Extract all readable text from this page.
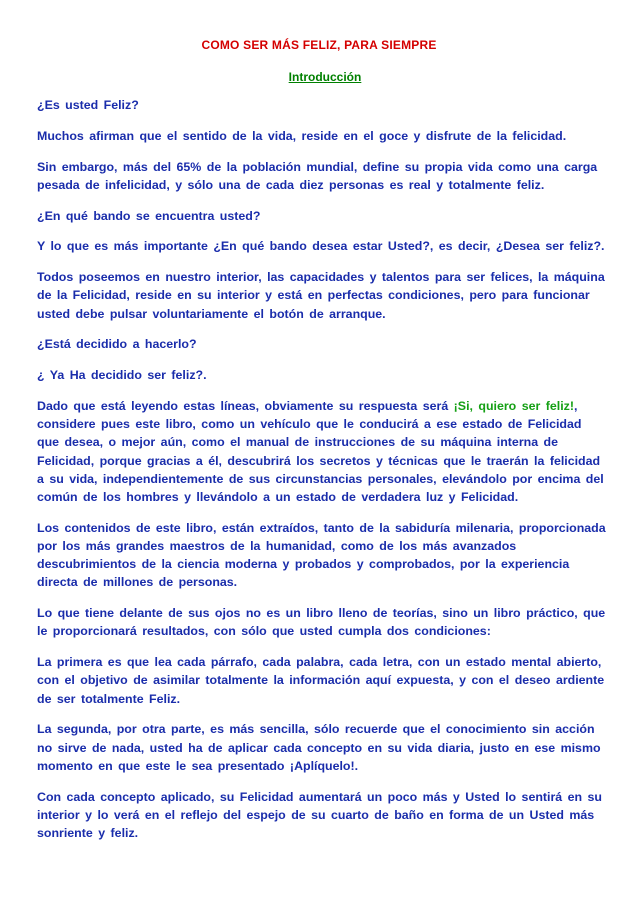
COMO SER MÁS FELIZ, PARA SIEMPRE
Introducción

¿Es usted Feliz?

Muchos afirman que el sentido de la vida, reside en el goce y disfrute de la felicidad.

Sin embargo, más del 65% de la población mundial, define su propia vida como una carga pesada de infelicidad, y sólo una de cada diez personas es real y totalmente feliz.

¿En qué bando se encuentra usted?

Y lo que es más importante ¿En qué bando desea estar Usted?, es decir, ¿Desea ser feliz?.

Todos poseemos en nuestro interior, las capacidades y talentos para ser felices, la máquina de la Felicidad, reside en su interior y está en perfectas condiciones, pero para funcionar usted debe pulsar voluntariamente el botón de arranque.

¿Está decidido a hacerlo?

¿ Ya Ha decidido ser feliz?.

Dado que está leyendo estas líneas, obviamente su respuesta será ¡Si, quiero ser feliz!, considere pues este libro, como un vehículo que le conducirá a ese estado de Felicidad que desea, o mejor aún, como el manual de instrucciones de su máquina interna de Felicidad, porque gracias a él, descubrirá los secretos y técnicas que le traerán la felicidad a su vida, independientemente de sus circunstancias personales, elevándolo por encima del común de los hombres y llevándolo a un estado de verdadera luz y Felicidad.

Los contenidos de este libro, están extraídos, tanto de la sabiduría milenaria, proporcionada por los más grandes maestros de la humanidad, como de los más avanzados descubrimientos de la ciencia moderna y probados y comprobados, por la experiencia directa de millones de personas.

Lo que tiene delante de sus ojos no es un libro lleno de teorías, sino un libro práctico, que le proporcionará resultados, con sólo que usted cumpla dos condiciones:

La primera es que lea cada párrafo, cada palabra, cada letra, con un estado mental abierto, con el objetivo de asimilar totalmente la información aquí expuesta, y con el deseo ardiente de ser totalmente Feliz.

La segunda, por otra parte, es más sencilla, sólo recuerde que el conocimiento sin acción no sirve de nada, usted ha de aplicar cada concepto en su vida diaria, justo en ese mismo momento en que este le sea presentado ¡Aplíquelo!.

Con cada concepto aplicado, su Felicidad aumentará un poco más y Usted lo sentirá en su interior y lo verá en el reflejo del espejo de su cuarto de baño en forma de un Usted más sonriente y feliz.
